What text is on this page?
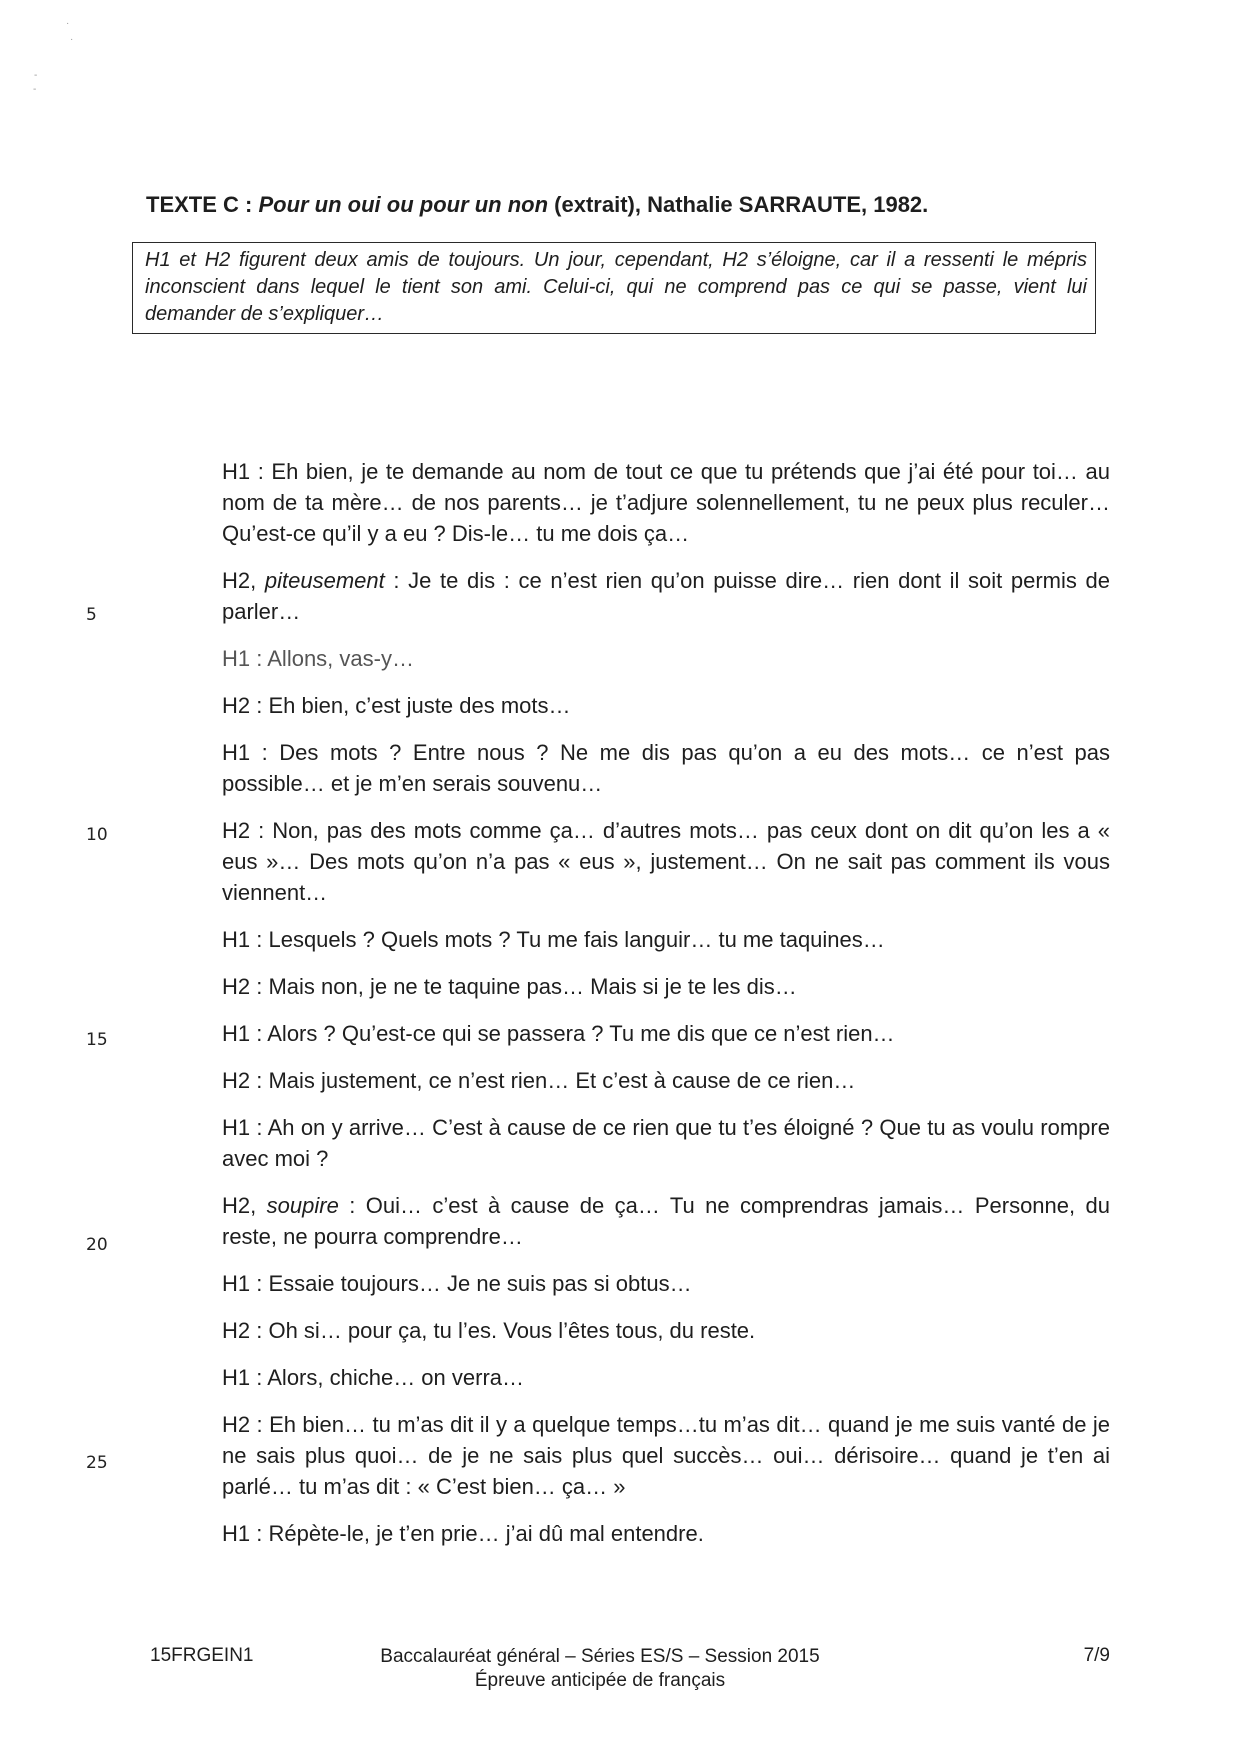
·
·
-
-
TEXTE C : Pour un oui ou pour un non (extrait), Nathalie SARRAUTE, 1982.
H1 et H2 figurent deux amis de toujours. Un jour, cependant, H2 s’éloigne, car il a ressenti le mépris inconscient dans lequel le tient son ami. Celui-ci, qui ne comprend pas ce qui se passe, vient lui demander de s’expliquer…

H1 : Eh bien, je te demande au nom de tout ce que tu prétends que j’ai été pour toi… au nom de ta mère… de nos parents… je t’adjure solennellement, tu ne peux plus reculer… Qu’est-ce qu’il y a eu ? Dis-le… tu me dois ça…

H2, piteusement : Je te dis : ce n’est rien qu’on puisse dire… rien dont il soit permis de parler…

H1 : Allons, vas-y…

H2 : Eh bien, c’est juste des mots…

H1 : Des mots ? Entre nous ? Ne me dis pas qu’on a eu des mots… ce n’est pas possible… et je m’en serais souvenu…

H2 : Non, pas des mots comme ça… d’autres mots… pas ceux dont on dit qu’on les a « eus »… Des mots qu’on n’a pas « eus », justement… On ne sait pas comment ils vous viennent…

H1 : Lesquels ? Quels mots ? Tu me fais languir… tu me taquines…

H2 : Mais non, je ne te taquine pas… Mais si je te les dis…

H1 : Alors ? Qu’est-ce qui se passera ? Tu me dis que ce n’est rien…

H2 : Mais justement, ce n’est rien… Et c’est à cause de ce rien…

H1 : Ah on y arrive… C’est à cause de ce rien que tu t’es éloigné ? Que tu as voulu rompre avec moi ?

H2, soupire : Oui… c’est à cause de ça… Tu ne comprendras jamais… Personne, du reste, ne pourra comprendre…

H1 : Essaie toujours… Je ne suis pas si obtus…

H2 : Oh si… pour ça, tu l’es. Vous l’êtes tous, du reste.

H1 : Alors, chiche… on verra…

H2 : Eh bien… tu m’as dit il y a quelque temps…tu m’as dit… quand je me suis vanté de je ne sais plus quoi… de je ne sais plus quel succès… oui… dérisoire… quand je t’en ai parlé… tu m’as dit : « C’est bien… ça… »

H1 : Répète-le, je t’en prie… j’ai dû mal entendre.

5
10
15
20
25
15FRGEIN1	Baccalauréat général – Séries ES/S – Session 2015
Épreuve anticipée de français
7/9
